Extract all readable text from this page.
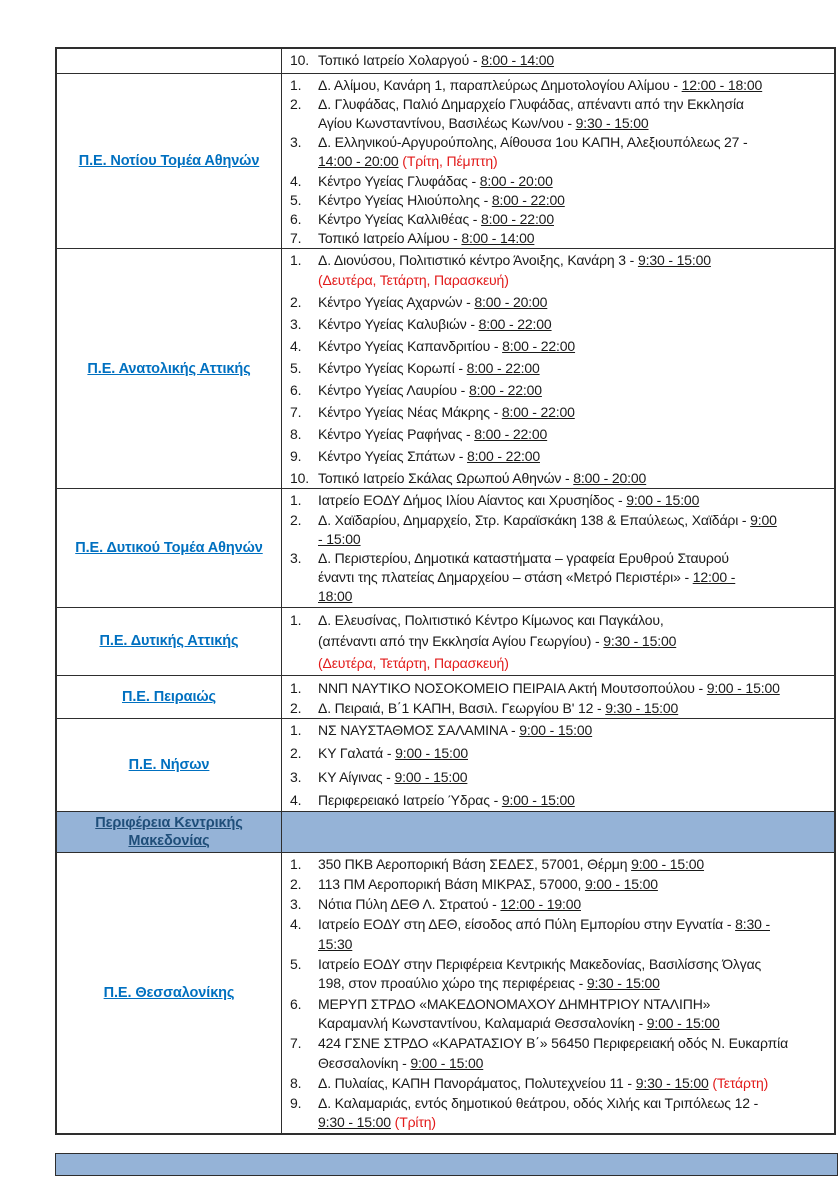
	10. Τοπικό Ιατρείο Χολαργού - 8:00 - 14:00

Π.Ε. Νοτίου Τομέα Αθηνών	
1.	Δ. Αλίμου, Κανάρη 1, παραπλεύρως Δημοτολογίου Αλίμου - 12:00 - 18:00
2.	Δ. Γλυφάδας, Παλιό Δημαρχείο Γλυφάδας, απέναντι από την Εκκλησία
Αγίου Κωνσταντίνου, Βασιλέως Κων/νου - 9:30 - 15:00
3.	Δ. Ελληνικού-Αργυρούπολης, Αίθουσα 1ου ΚΑΠΗ, Αλεξιουπόλεως 27 -
14:00 - 20:00 (Τρίτη, Πέμπτη)
4.	Κέντρο Υγείας Γλυφάδας - 8:00 - 20:00
5.	Κέντρο Υγείας Ηλιούπολης - 8:00 - 22:00
6.	Κέντρο Υγείας Καλλιθέας - 8:00 - 22:00
7.	Τοπικό Ιατρείο Αλίμου - 8:00 - 14:00

Π.Ε. Ανατολικής Αττικής	
1.	Δ. Διονύσου, Πολιτιστικό κέντρο Άνοιξης, Κανάρη 3 - 9:30 - 15:00
(Δευτέρα, Τετάρτη, Παρασκευή)
2.	Κέντρο Υγείας Αχαρνών - 8:00 - 20:00
3.	Κέντρο Υγείας Καλυβιών - 8:00 - 22:00
4.	Κέντρο Υγείας Καπανδριτίου - 8:00 - 22:00
5.	Κέντρο Υγείας Κορωπί - 8:00 - 22:00
6.	Κέντρο Υγείας Λαυρίου - 8:00 - 22:00
7.	Κέντρο Υγείας Νέας Μάκρης - 8:00 - 22:00
8.	Κέντρο Υγείας Ραφήνας - 8:00 - 22:00
9.	Κέντρο Υγείας Σπάτων - 8:00 - 22:00
10. Τοπικό Ιατρείο Σκάλας Ωρωπού Αθηνών - 8:00 - 20:00

Π.Ε. Δυτικού Τομέα Αθηνών	
1.	Ιατρείο ΕΟΔΥ Δήμος Ιλίου Αίαντος και Χρυσηίδος - 9:00 - 15:00
2.	Δ. Χαϊδαρίου, Δημαρχείο, Στρ. Καραϊσκάκη 138 & Επαύλεως, Χαϊδάρι - 9:00
- 15:00
3.	Δ. Περιστερίου, Δημοτικά καταστήματα – γραφεία Ερυθρού Σταυρού
έναντι της πλατείας Δημαρχείου – στάση «Μετρό Περιστέρι» - 12:00 -
18:00

Π.Ε. Δυτικής Αττικής	1. Δ. Ελευσίνας, Πολιτιστικό Κέντρο Κίμωνος και Παγκάλου,
(απέναντι από την Εκκλησία Αγίου Γεωργίου) - 9:30 - 15:00
(Δευτέρα, Τετάρτη, Παρασκευή)

Π.Ε. Πειραιώς	1. ΝΝΠ ΝΑΥΤΙΚΟ ΝΟΣΟΚΟΜΕΙΟ ΠΕΙΡΑΙΑ Ακτή Μουτσοπούλου - 9:00 - 15:00
2. Δ. Πειραιά, Β΄1 ΚΑΠΗ, Βασιλ. Γεωργίου Β' 12 - 9:30 - 15:00

Π.Ε. Νήσων	
1.	ΝΣ ΝΑΥΣΤΑΘΜΟΣ ΣΑΛΑΜΙΝΑ - 9:00 - 15:00
2.	ΚΥ Γαλατά - 9:00 - 15:00
3.	ΚΥ Αίγινας - 9:00 - 15:00
4.	Περιφερειακό Ιατρείο Ύδρας - 9:00 - 15:00

Περιφέρεια Κεντρικής Μακεδονίας	
Π.Ε. Θεσσαλονίκης	
1.	350 ΠΚΒ Αεροπορική Βάση ΣΕΔΕΣ, 57001, Θέρμη 9:00 - 15:00
2.	113 ΠΜ Αεροπορική Βάση ΜΙΚΡΑΣ, 57000, 9:00 - 15:00
3.	Νότια Πύλη ΔΕΘ Λ. Στρατού - 12:00 - 19:00
4.	Ιατρείο ΕΟΔΥ στη ΔΕΘ, είσοδος από Πύλη Εμπορίου στην Εγνατία - 8:30 -
15:30
5.	Ιατρείο ΕΟΔΥ στην Περιφέρεια Κεντρικής Μακεδονίας, Βασιλίσσης Όλγας
198, στον προαύλιο χώρο της περιφέρειας - 9:30 - 15:00
6.	ΜΕΡΥΠ ΣΤΡΔΟ «ΜΑΚΕΔΟΝΟΜΑΧΟΥ ΔΗΜΗΤΡΙΟΥ ΝΤΑΛΙΠΗ»
Καραμανλή Κωνσταντίνου, Καλαμαριά Θεσσαλονίκη - 9:00 - 15:00
7.	424 ΓΣΝΕ ΣΤΡΔΟ «ΚΑΡΑΤΑΣΙΟΥ Β΄» 56450 Περιφερειακή οδός Ν. Ευκαρπία
Θεσσαλονίκη - 9:00 - 15:00
8.	Δ. Πυλαίας, ΚΑΠΗ Πανοράματος, Πολυτεχνείου 11 - 9:30 - 15:00 (Τετάρτη)
9.	Δ. Καλαμαριάς, εντός δημοτικού θεάτρου, οδός Χιλής και Τριπόλεως 12 -
9:30 - 15:00 (Τρίτη)
